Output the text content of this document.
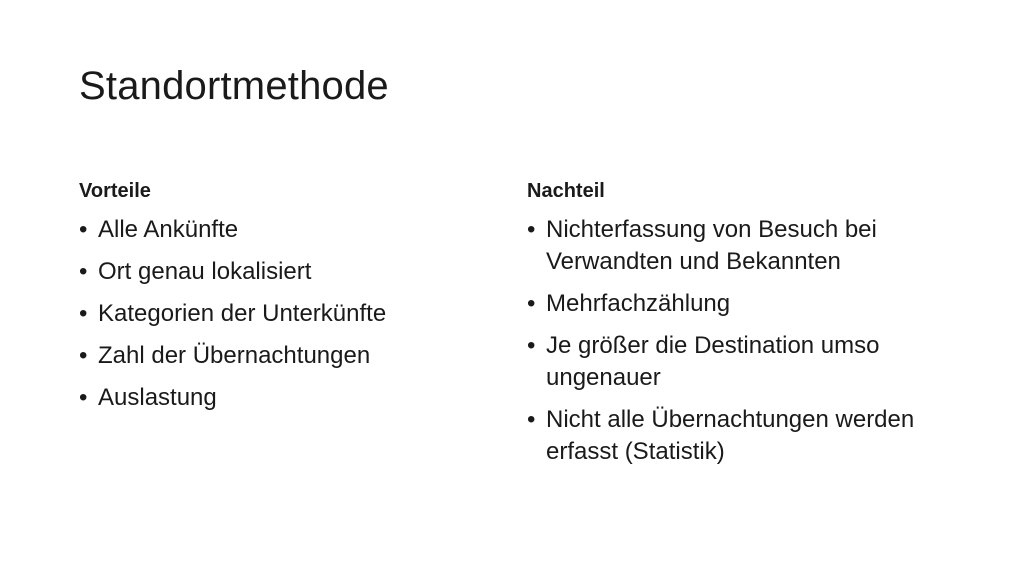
Standortmethode
Vorteile
• Alle Ankünfte
• Ort genau lokalisiert
• Kategorien der Unterkünfte
• Zahl der Übernachtungen
• Auslastung
Nachteil
• Nichterfassung von Besuch bei Verwandten und Bekannten
• Mehrfachzählung
• Je größer die Destination umso ungenauer
• Nicht alle Übernachtungen werden erfasst (Statistik)
